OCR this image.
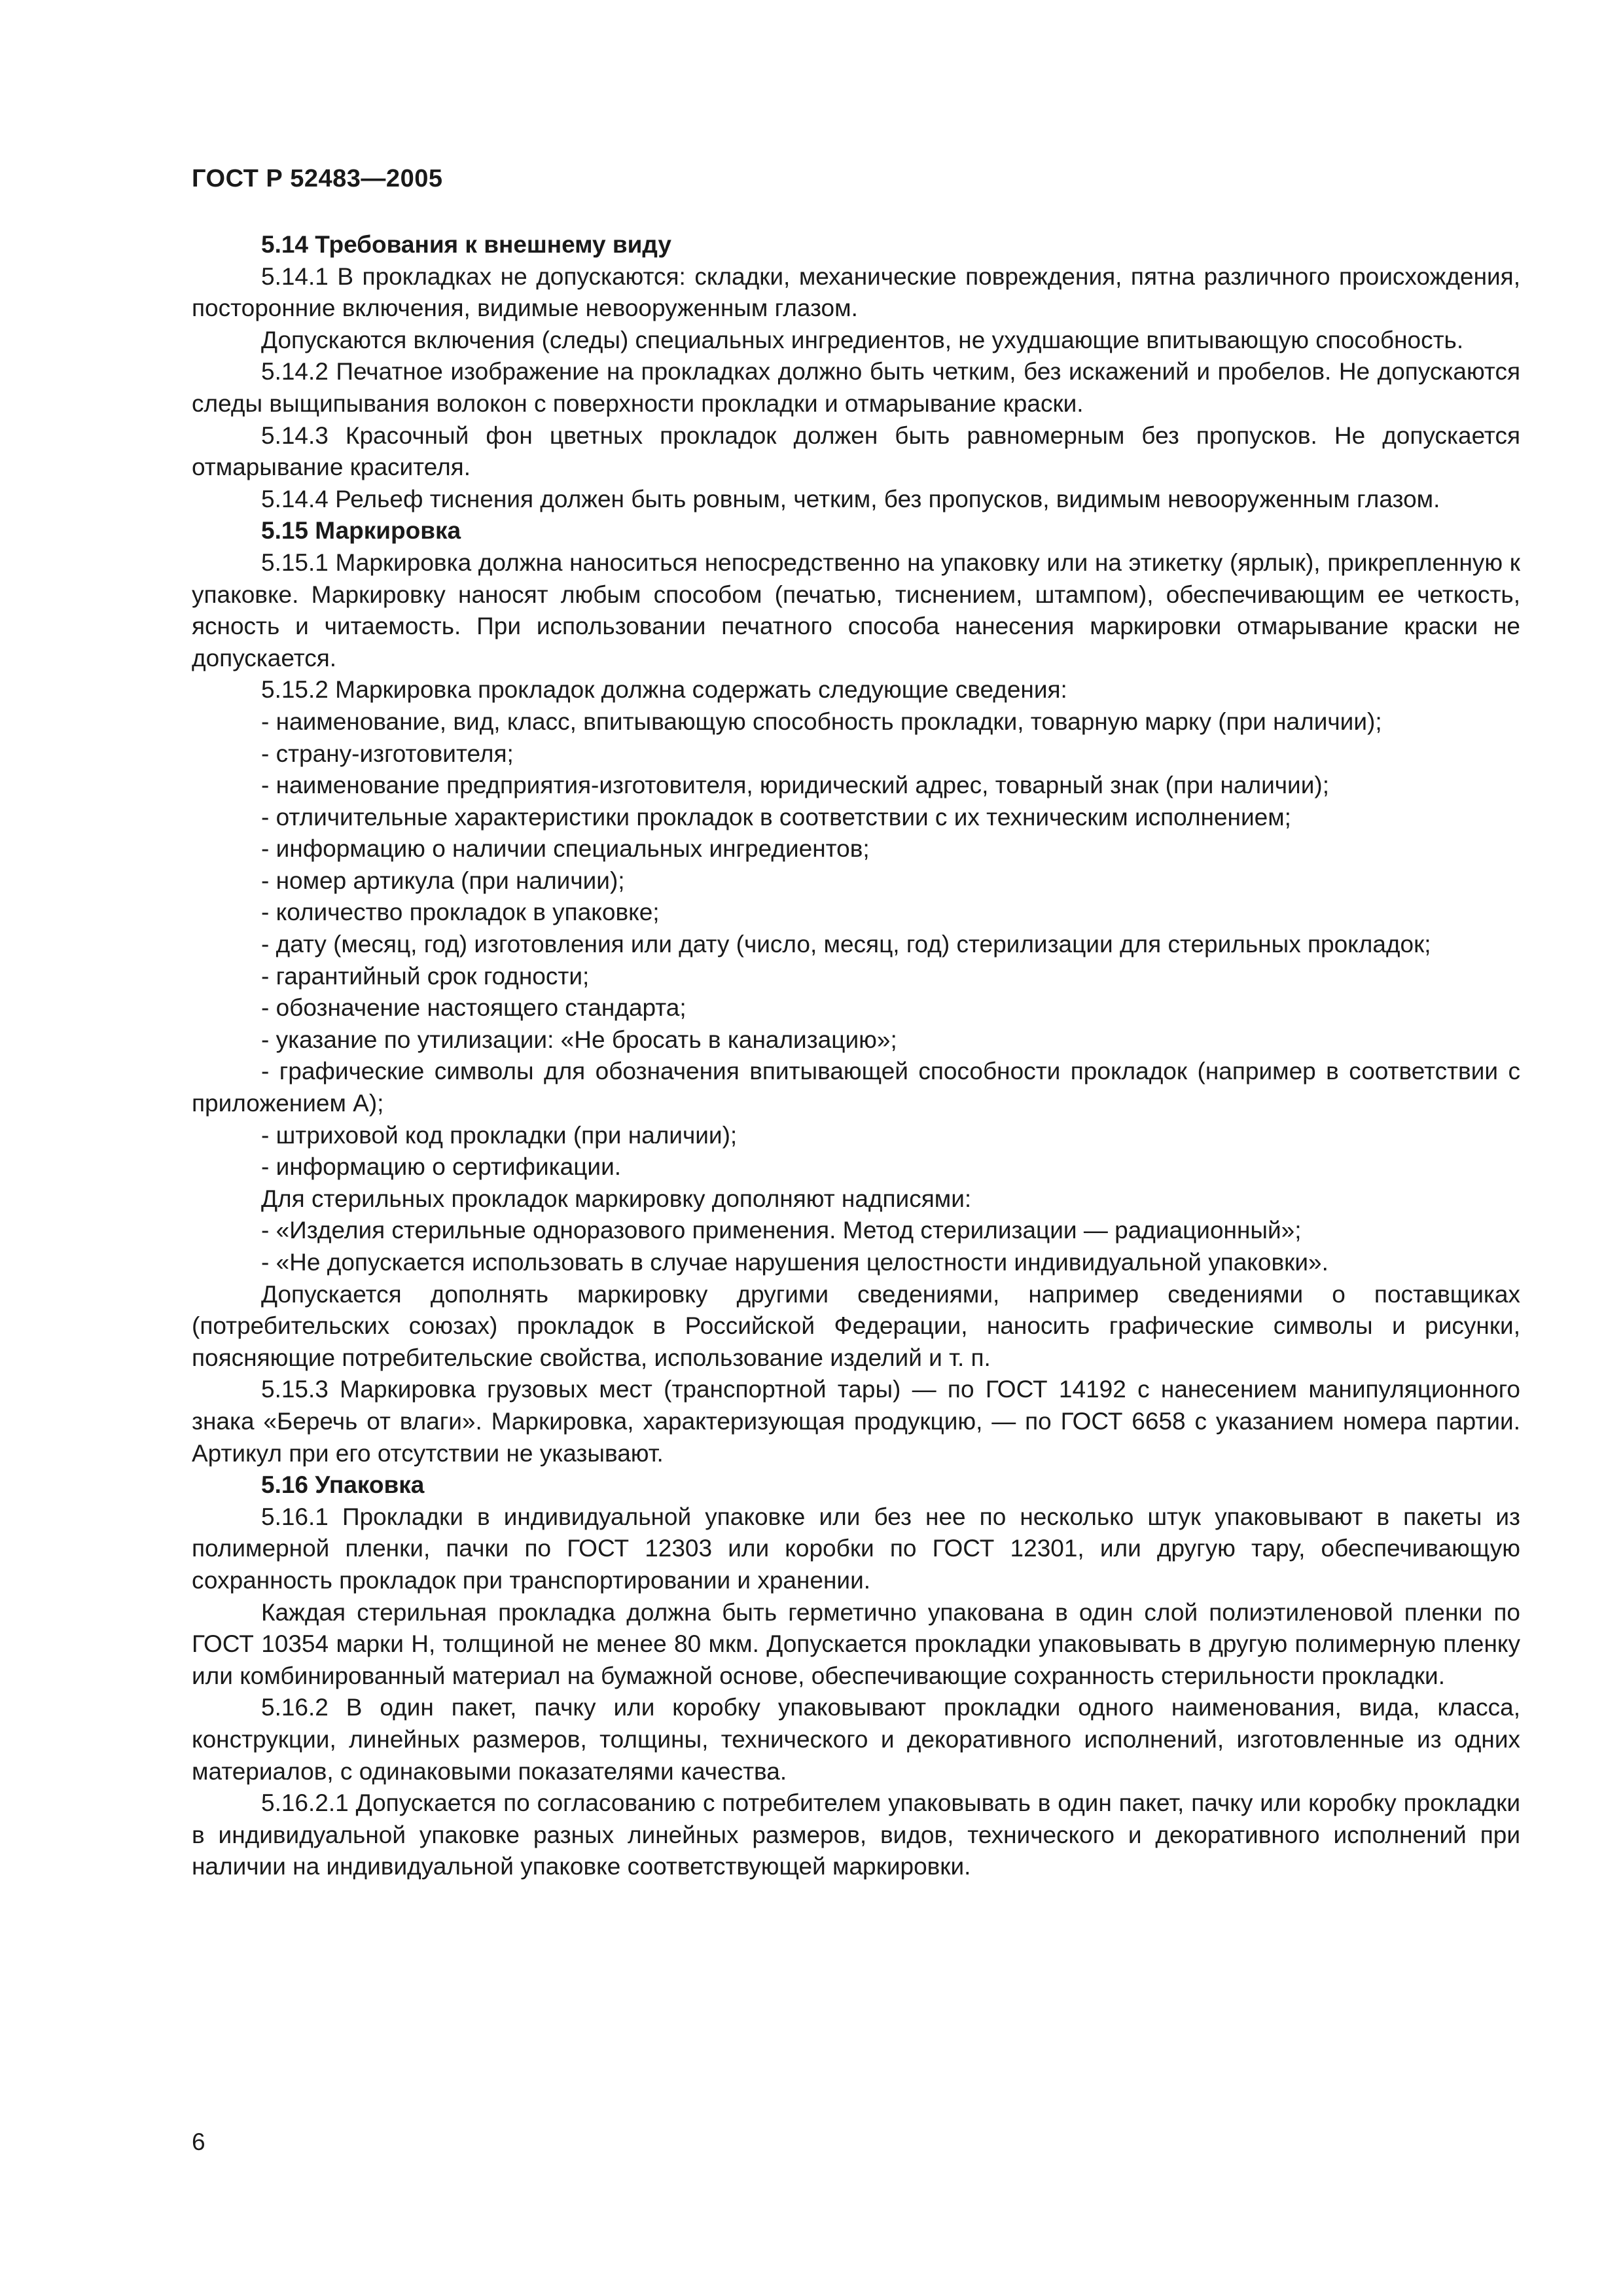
ГОСТ Р 52483—2005

5.14 Требования к внешнему виду

5.14.1 В прокладках не допускаются: складки, механические повреждения, пятна различного происхождения, посторонние включения, видимые невооруженным глазом.

Допускаются включения (следы) специальных ингредиентов, не ухудшающие впитывающую способность.

5.14.2 Печатное изображение на прокладках должно быть четким, без искажений и пробелов. Не допускаются следы выщипывания волокон с поверхности прокладки и отмарывание краски.

5.14.3 Красочный фон цветных прокладок должен быть равномерным без пропусков. Не допускается отмарывание красителя.

5.14.4 Рельеф тиснения должен быть ровным, четким, без пропусков, видимым невооруженным глазом.

5.15 Маркировка

5.15.1 Маркировка должна наноситься непосредственно на упаковку или на этикетку (ярлык), прикрепленную к упаковке. Маркировку наносят любым способом (печатью, тиснением, штампом), обеспечивающим ее четкость, ясность и читаемость. При использовании печатного способа нанесения маркировки отмарывание краски не допускается.

5.15.2 Маркировка прокладок должна содержать следующие сведения:

- наименование, вид, класс, впитывающую способность прокладки, товарную марку (при наличии);

- страну-изготовителя;

- наименование предприятия-изготовителя, юридический адрес, товарный знак (при наличии);

- отличительные характеристики прокладок в соответствии с их техническим исполнением;

- информацию о наличии специальных ингредиентов;

- номер артикула (при наличии);

- количество прокладок в упаковке;

- дату (месяц, год) изготовления или дату (число, месяц, год) стерилизации для стерильных прокладок;

- гарантийный срок годности;

- обозначение настоящего стандарта;

- указание по утилизации: «Не бросать в канализацию»;

- графические символы для обозначения впитывающей способности прокладок (например в соответствии с приложением А);

- штриховой код прокладки (при наличии);

- информацию о сертификации.

Для стерильных прокладок маркировку дополняют надписями:

- «Изделия стерильные одноразового применения. Метод стерилизации — радиационный»;

- «Не допускается использовать в случае нарушения целостности индивидуальной упаковки».

Допускается дополнять маркировку другими сведениями, например сведениями о поставщиках (потребительских союзах) прокладок в Российской Федерации, наносить графические символы и рисунки, поясняющие потребительские свойства, использование изделий и т. п.

5.15.3 Маркировка грузовых мест (транспортной тары) — по ГОСТ 14192 с нанесением манипуляционного знака «Беречь от влаги». Маркировка, характеризующая продукцию, — по ГОСТ 6658 с указанием номера партии. Артикул при его отсутствии не указывают.

5.16 Упаковка

5.16.1 Прокладки в индивидуальной упаковке или без нее по несколько штук упаковывают в пакеты из полимерной пленки, пачки по ГОСТ 12303 или коробки по ГОСТ 12301, или другую тару, обеспечивающую сохранность прокладок при транспортировании и хранении.

Каждая стерильная прокладка должна быть герметично упакована в один слой полиэтиленовой пленки по ГОСТ 10354 марки Н, толщиной не менее 80 мкм. Допускается прокладки упаковывать в другую полимерную пленку или комбинированный материал на бумажной основе, обеспечивающие сохранность стерильности прокладки.

5.16.2 В один пакет, пачку или коробку упаковывают прокладки одного наименования, вида, класса, конструкции, линейных размеров, толщины, технического и декоративного исполнений, изготовленные из одних материалов, с одинаковыми показателями качества.

5.16.2.1 Допускается по согласованию с потребителем упаковывать в один пакет, пачку или коробку прокладки в индивидуальной упаковке разных линейных размеров, видов, технического и декоративного исполнений при наличии на индивидуальной упаковке соответствующей маркировки.

6
